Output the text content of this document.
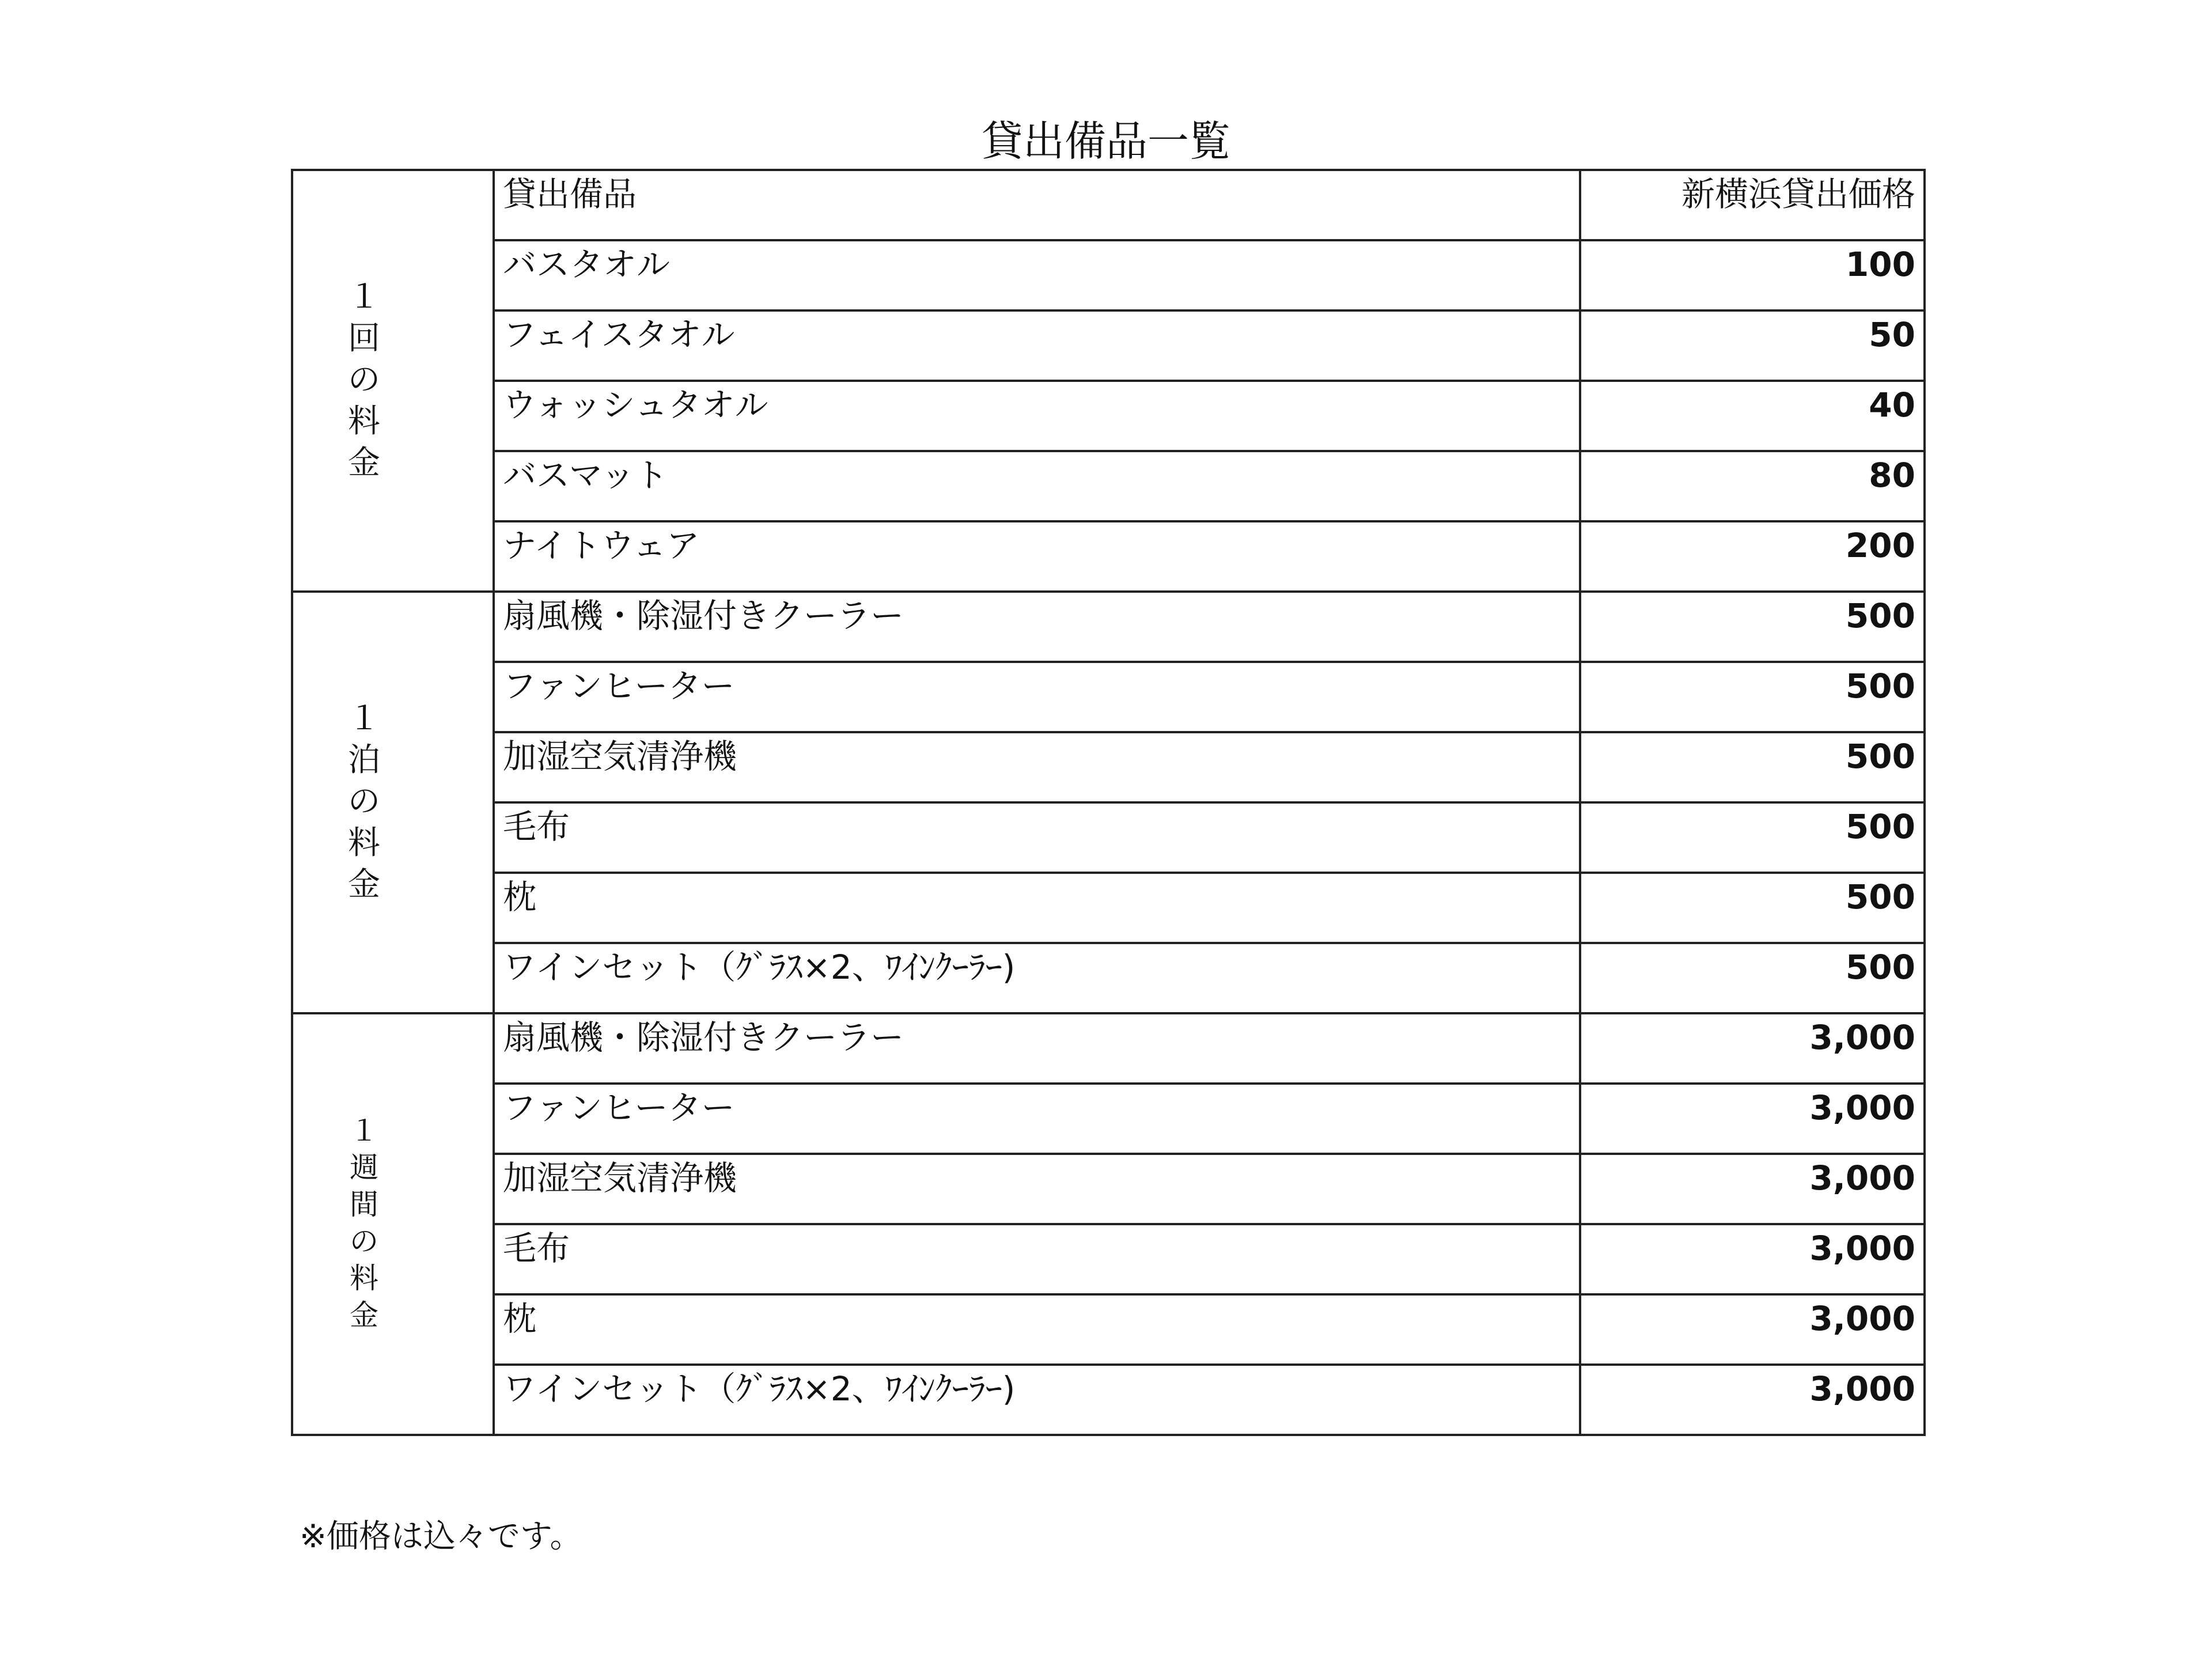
貸出備品一覧
１回の料金	貸出備品	新横浜貸出価格
	バスタオル	100
	フェイスタオル	50
	ウォッシュタオル	40
	バスマット	80
	ナイトウェア	200
１泊の料金	扇風機・除湿付きクーラー	500
	ファンヒーター	500
	加湿空気清浄機	500
	毛布	500
	枕	500
	ワインセット（ｸﾞﾗｽ×2、ﾜｲﾝｸｰﾗｰ)	500
１週間の料金	扇風機・除湿付きクーラー	3,000
	ファンヒーター	3,000
	加湿空気清浄機	3,000
	毛布	3,000
	枕	3,000
	ワインセット（ｸﾞﾗｽ×2、ﾜｲﾝｸｰﾗｰ)	3,000
※価格は込々です。
